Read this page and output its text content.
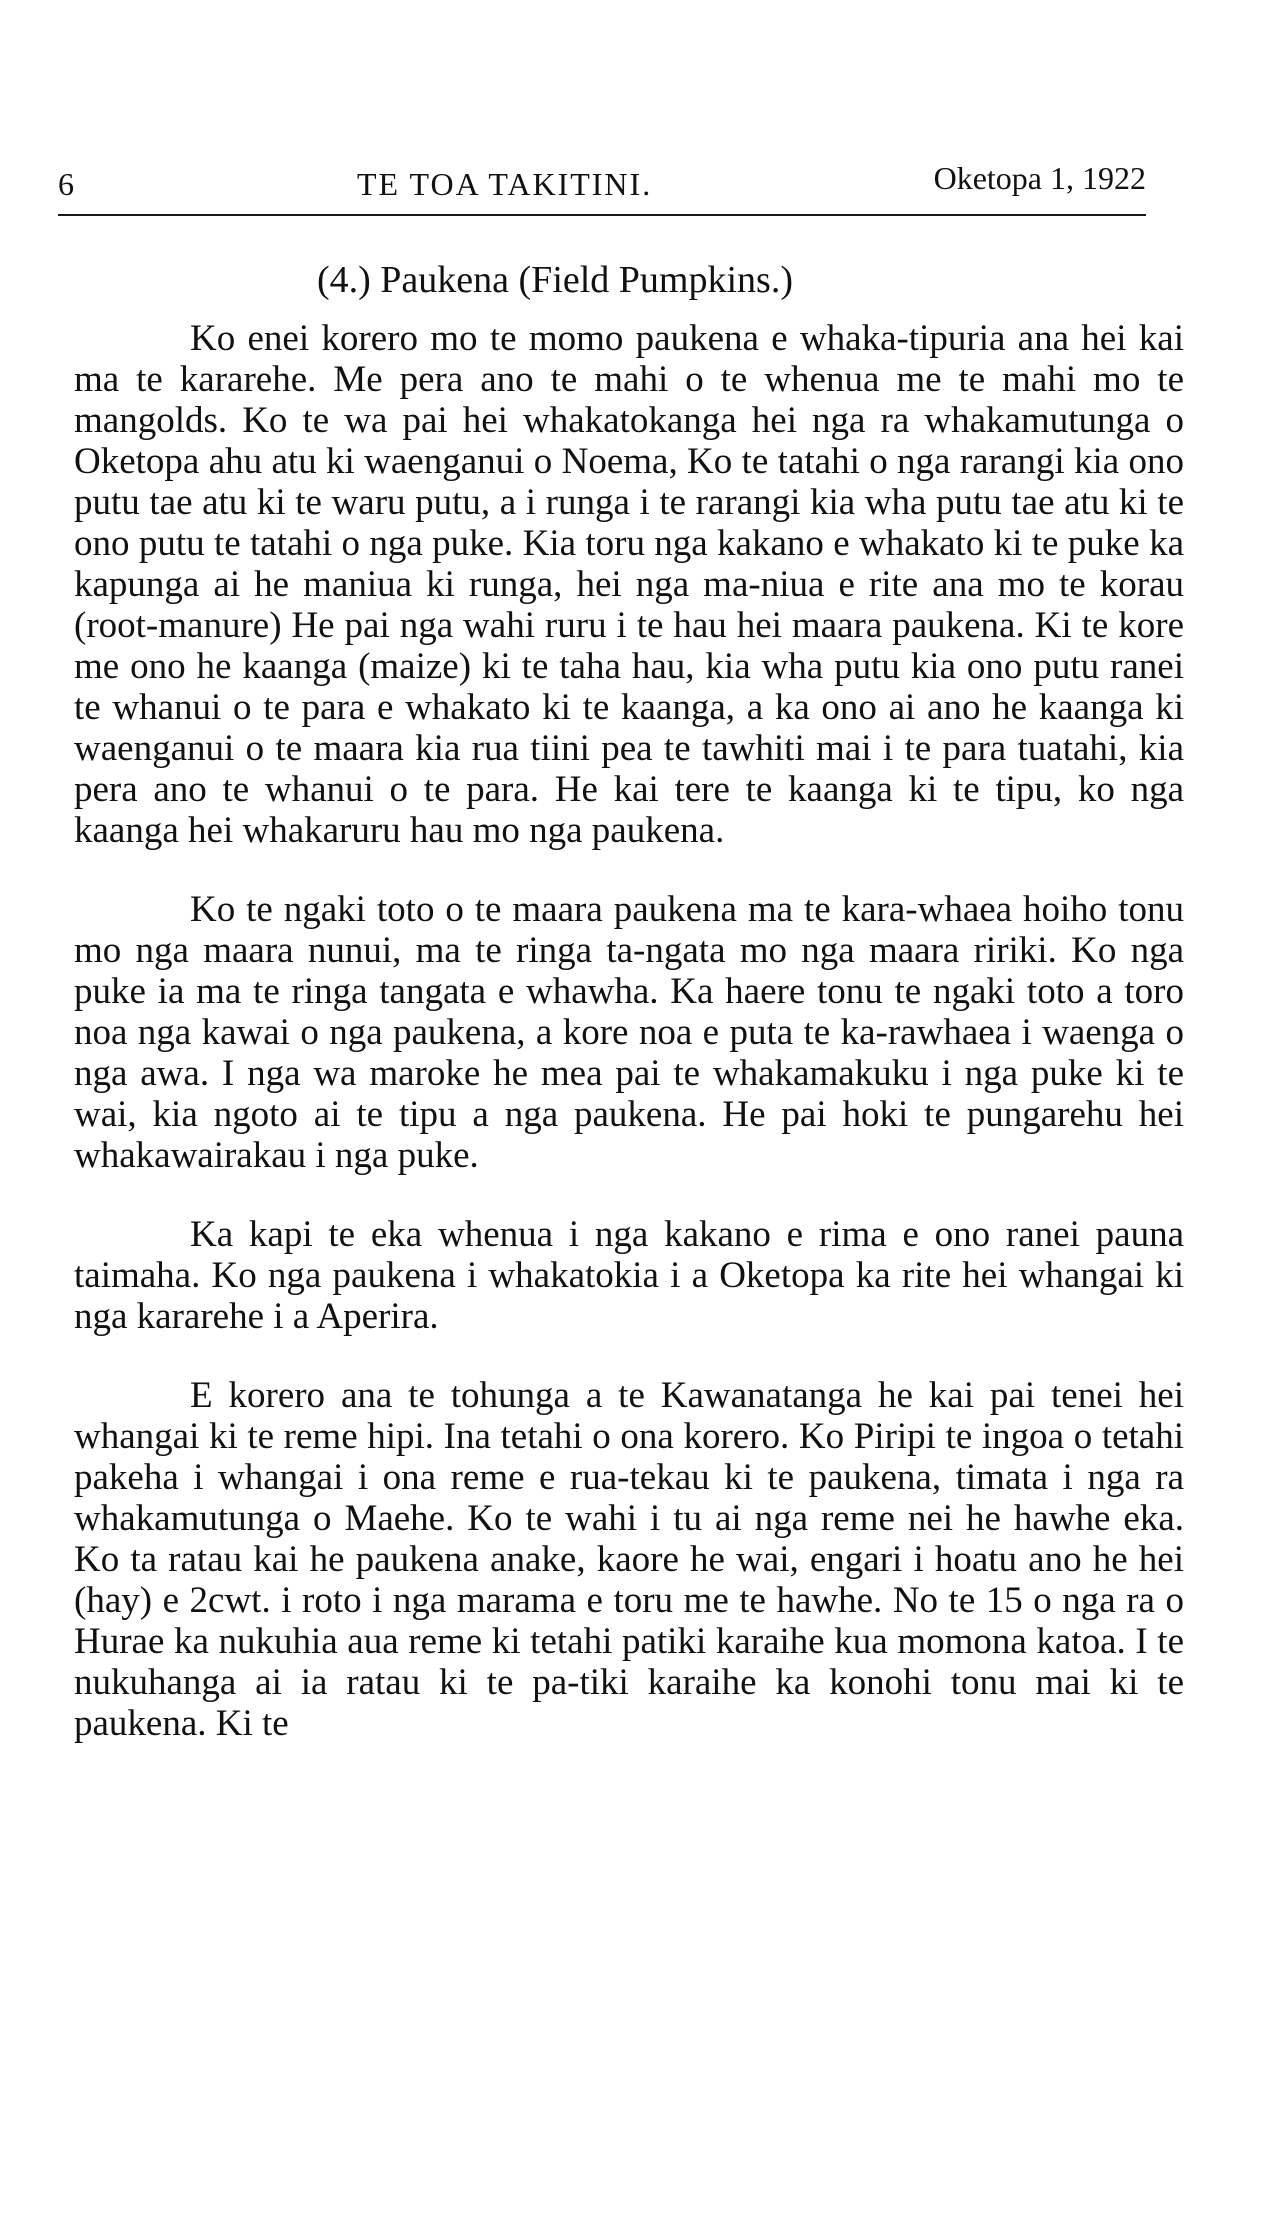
6	TE TOA TAKITINI.	Oketopa 1, 1922
(4.) Paukena (Field Pumpkins.)

Ko enei korero mo te momo paukena e whaka-tipuria ana hei kai ma te kararehe. Me pera ano te mahi o te whenua me te mahi mo te mangolds. Ko te wa pai hei whakatokanga hei nga ra whakamutunga o Oketopa ahu atu ki waenganui o Noema, Ko te tatahi o nga rarangi kia ono putu tae atu ki te waru putu, a i runga i te rarangi kia wha putu tae atu ki te ono putu te tatahi o nga puke. Kia toru nga kakano e whakato ki te puke ka kapunga ai he maniua ki runga, hei nga ma-niua e rite ana mo te korau (root-manure) He pai nga wahi ruru i te hau hei maara paukena. Ki te kore me ono he kaanga (maize) ki te taha hau, kia wha putu kia ono putu ranei te whanui o te para e whakato ki te kaanga, a ka ono ai ano he kaanga ki waenganui o te maara kia rua tiini pea te tawhiti mai i te para tuatahi, kia pera ano te whanui o te para. He kai tere te kaanga ki te tipu, ko nga kaanga hei whakaruru hau mo nga paukena.

Ko te ngaki toto o te maara paukena ma te kara-whaea hoiho tonu mo nga maara nunui, ma te ringa ta-ngata mo nga maara ririki. Ko nga puke ia ma te ringa tangata e whawha. Ka haere tonu te ngaki toto a toro noa nga kawai o nga paukena, a kore noa e puta te ka-rawhaea i waenga o nga awa. I nga wa maroke he mea pai te whakamakuku i nga puke ki te wai, kia ngoto ai te tipu a nga paukena. He pai hoki te pungarehu hei whakawairakau i nga puke.

Ka kapi te eka whenua i nga kakano e rima e ono ranei pauna taimaha. Ko nga paukena i whakatokia i a Oketopa ka rite hei whangai ki nga kararehe i a Aperira.

E korero ana te tohunga a te Kawanatanga he kai pai tenei hei whangai ki te reme hipi. Ina tetahi o ona korero. Ko Piripi te ingoa o tetahi pakeha i whangai i ona reme e rua-tekau ki te paukena, timata i nga ra whakamutunga o Maehe. Ko te wahi i tu ai nga reme nei he hawhe eka. Ko ta ratau kai he paukena anake, kaore he wai, engari i hoatu ano he hei (hay) e 2cwt. i roto i nga marama e toru me te hawhe. No te 15 o nga ra o Hurae ka nukuhia aua reme ki tetahi patiki karaihe kua momona katoa. I te nukuhanga ai ia ratau ki te pa-tiki karaihe ka konohi tonu mai ki te paukena. Ki te
